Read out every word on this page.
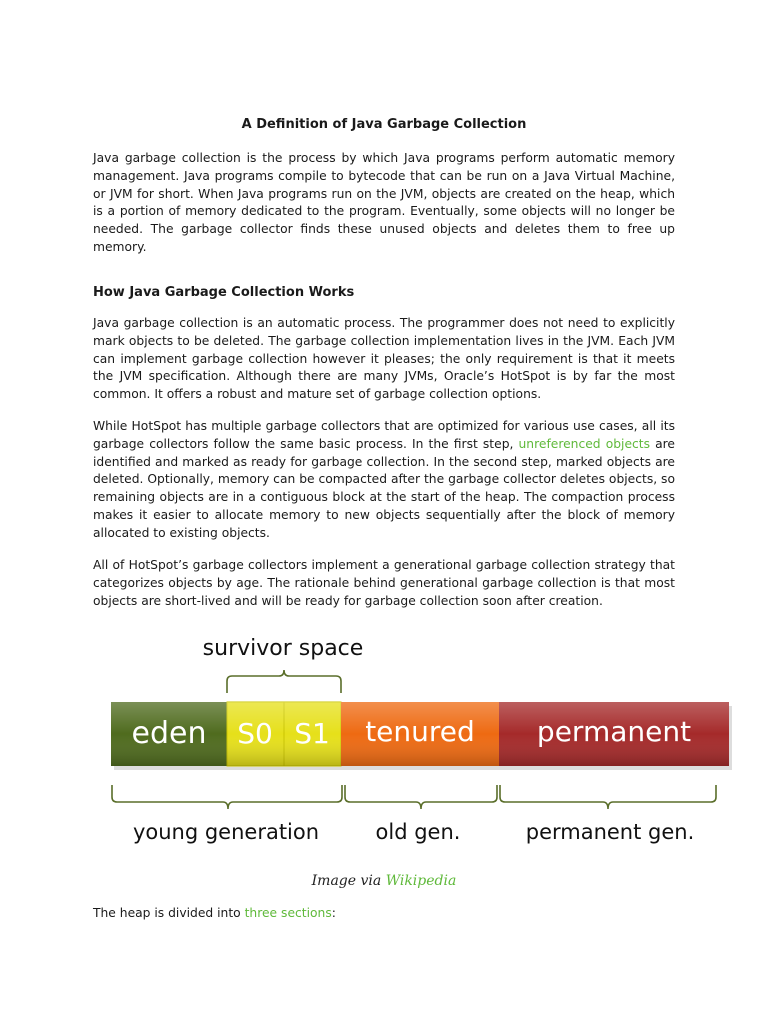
A Definition of Java Garbage Collection

Java garbage collection is the process by which Java programs perform automatic memory management. Java programs compile to bytecode that can be run on a Java Virtual Machine, or JVM for short. When Java programs run on the JVM, objects are created on the heap, which is a portion of memory dedicated to the program. Eventually, some objects will no longer be needed. The garbage collector finds these unused objects and deletes them to free up memory.

How Java Garbage Collection Works

Java garbage collection is an automatic process. The programmer does not need to explicitly mark objects to be deleted. The garbage collection implementation lives in the JVM. Each JVM can implement garbage collection however it pleases; the only requirement is that it meets the JVM specification. Although there are many JVMs, Oracle’s HotSpot is by far the most common. It offers a robust and mature set of garbage collection options.

While HotSpot has multiple garbage collectors that are optimized for various use cases, all its garbage collectors follow the same basic process. In the first step, unreferenced objects are identified and marked as ready for garbage collection. In the second step, marked objects are deleted. Optionally, memory can be compacted after the garbage collector deletes objects, so remaining objects are in a contiguous block at the start of the heap. The compaction process makes it easier to allocate memory to new objects sequentially after the block of memory allocated to existing objects.

All of HotSpot’s garbage collectors implement a generational garbage collection strategy that categorizes objects by age. The rationale behind generational garbage collection is that most objects are short-lived and will be ready for garbage collection soon after creation.

survivor space
eden S0 S1 tenured permanent
young generation	old gen.	permanent gen.
Image via Wikipedia
The heap is divided into three sections:
